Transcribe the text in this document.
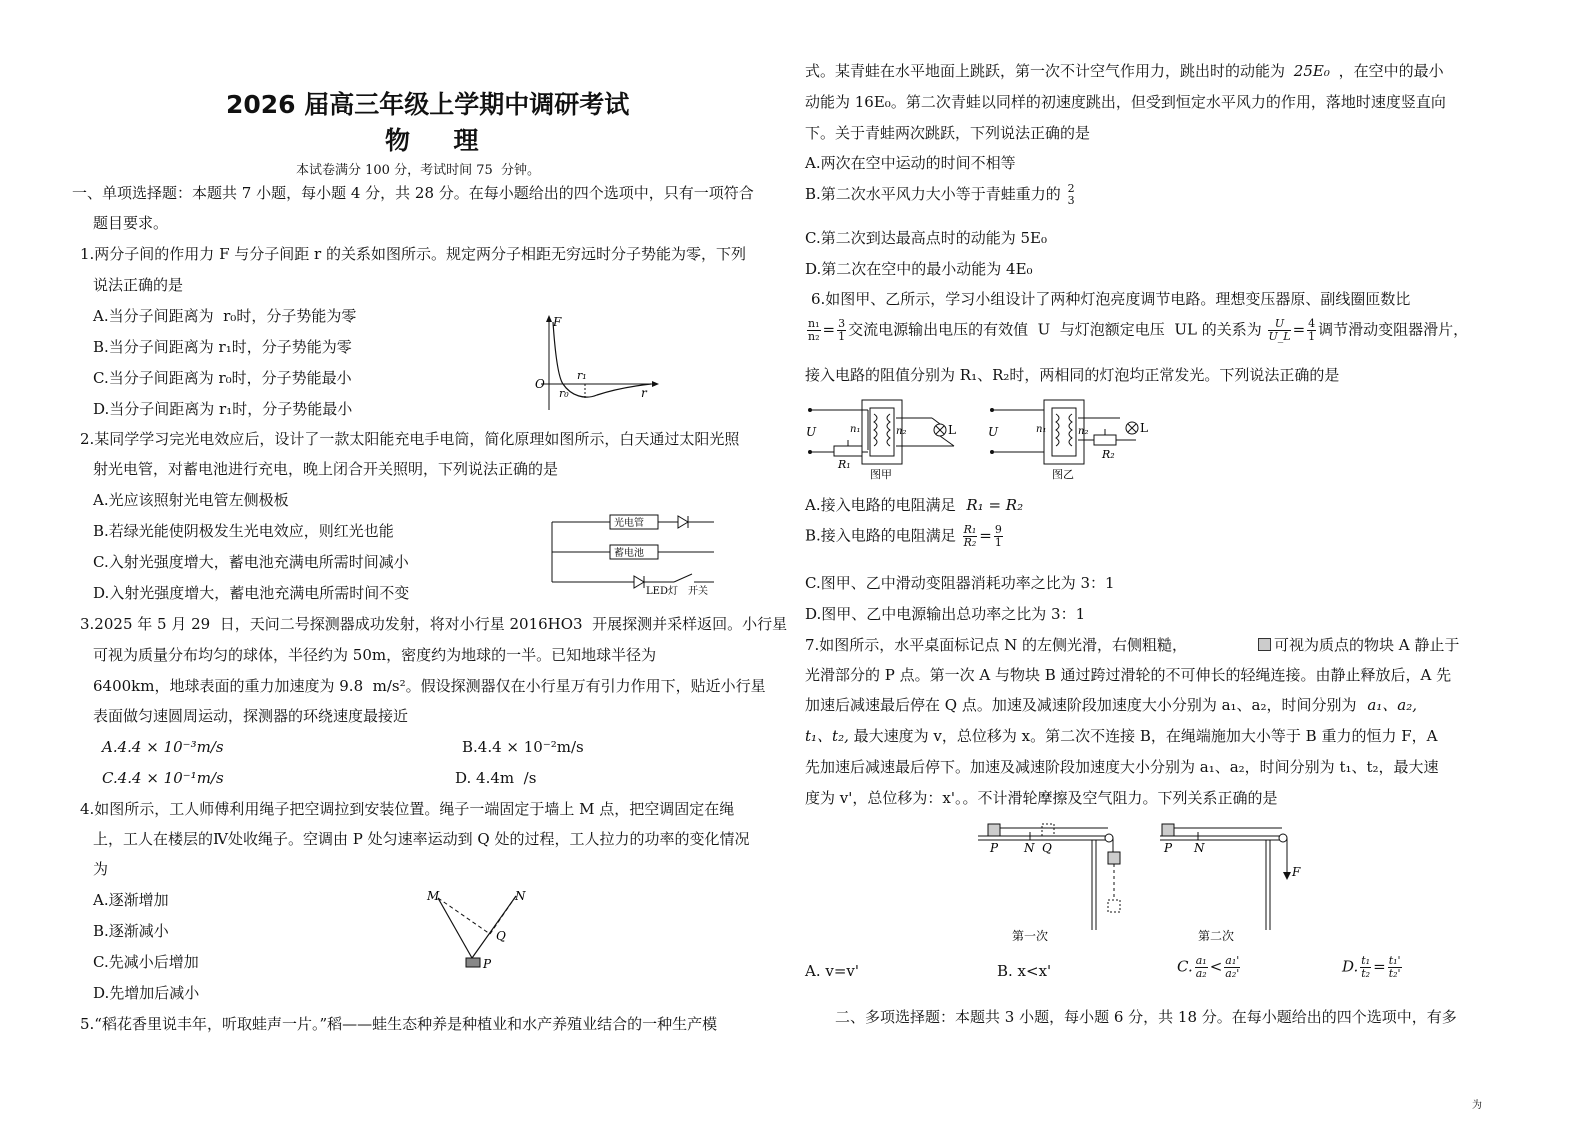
2026 届高三年级上学期中调研考试
物     理
本试卷满分 100 分，考试时间 75  分钟。
一、单项选择题：本题共 7 小题，每小题 4 分，共 28 分。在每小题给出的四个选项中，只有一项符合
题目要求。
1.两分子间的作用力 F 与分子间距 r 的关系如图所示。规定两分子相距无穷远时分子势能为零，下列
说法正确的是
A.当分子间距离为  r₀时，分子势能为零
B.当分子间距离为 r₁时，分子势能为零
C.当分子间距离为 r₀时，分子势能最小
D.当分子间距离为 r₁时，分子势能最小
F
O
r₀
r₁
r
2.某同学学习完光电效应后，设计了一款太阳能充电手电筒，简化原理如图所示，白天通过太阳光照
射光电管，对蓄电池进行充电，晚上闭合开关照明，下列说法正确的是
A.光应该照射光电管左侧极板
B.若绿光能使阴极发生光电效应，则红光也能
C.入射光强度增大，蓄电池充满电所需时间减小
D.入射光强度增大，蓄电池充满电所需时间不变
光电管
蓄电池
LED灯 开关
3.2025 年 5 月 29  日，天问二号探测器成功发射，将对小行星 2016HO3  开展探测并采样返回。小行星
可视为质量分布均匀的球体，半径约为 50m，密度约为地球的一半。已知地球半径为
6400km，地球表面的重力加速度为 9.8  m/s²。假设探测器仅在小行星万有引力作用下，贴近小行星
表面做匀速圆周运动，探测器的环绕速度最接近
A.4.4 × 10⁻³m/s	B.4.4 × 10⁻²m/s
C.4.4 × 10⁻¹m/s	D. 4.4m  /s
4.如图所示，工人师傅利用绳子把空调拉到安装位置。绳子一端固定于墙上 M 点，把空调固定在绳
上，工人在楼层的Ⅳ处收绳子。空调由 P 处匀速率运动到 Q 处的过程，工人拉力的功率的变化情况
为
A.逐渐增加
B.逐渐减小
C.先减小后增加
D.先增加后减小
M	N
Q
P
5.“稻花香里说丰年，听取蛙声一片。”稻——蛙生态种养是种植业和水产养殖业结合的一种生产模
式。某青蛙在水平地面上跳跃，第一次不计空气作用力，跳出时的动能为 25E₀ ，在空中的最小
动能为 16E₀。第二次青蛙以同样的初速度跳出，但受到恒定水平风力的作用，落地时速度竖直向
下。关于青蛙两次跳跃，下列说法正确的是
A.两次在空中运动的时间不相等
B.第二次水平风力大小等于青蛙重力的 2
3
C.第二次到达最高点时的动能为 5E₀
D.第二次在空中的最小动能为 4E₀
6.如图甲、乙所示，学习小组设计了两种灯泡亮度调节电路。理想变压器原、副线圈匝数比
$\frac{\text{n₁}}{\text{n₂}} = \frac{3}{1}$ 交流电源输出电压的有效值  U  与灯泡额定电压  UL 的关系为 $\frac{U}{U\_L} = \frac{4}{1}$ 调节滑动变阻器滑片，
接入电路的阻值分别为 R₁、R₂时，两相同的灯泡均正常发光。下列说法正确的是
U	n₁	n₂	L
R₁
图甲
U	n₁	n₂	L
R₂
图乙
A.接入电路的电阻满足 R₁ = R₂
B.接入电路的电阻满足 $\frac{\text{R₁}}{\text{R₂}} = \frac{9}{1}$
C.图甲、乙中滑动变阻器消耗功率之比为 3：1
D.图甲、乙中电源输出总功率之比为 3：1
7.如图所示，水平桌面标记点 N 的左侧光滑，右侧粗糙，	可视为质点的物块 A 静止于
光滑部分的 P 点。第一次 A 与物块 B 通过跨过滑轮的不可伸长的轻绳连接。由静止释放后，A 先
加速后减速最后停在 Q 点。加速及减速阶段加速度大小分别为 a₁、a₂，时间分别为 a₁、a₂,
t₁、t₂, 最大速度为 v，总位移为 x。第二次不连接 B，在绳端施加大小等于 B 重力的恒力 F，A
先加速后减速最后停下。加速及减速阶段加速度大小分别为 a₁、a₂，时间分别为 t₁、t₂，最大速
度为 v'，总位移为：x'。。不计滑轮摩擦及空气阻力。下列关系正确的是
P N Q
第一次
P N
F
第二次
A. v=v'	B. x<x'	C. $\frac{\text{a₁}}{\text{a₂}} < \frac{\text{a₁'}}{\text{a₂'}}$	D. $\frac{\text{t₁}}{\text{t₂}} = \frac{\text{t₁'}}{\text{t₂'}}$
二、多项选择题：本题共 3 小题，每小题 6 分，共 18 分。在每小题给出的四个选项中，有多
为
